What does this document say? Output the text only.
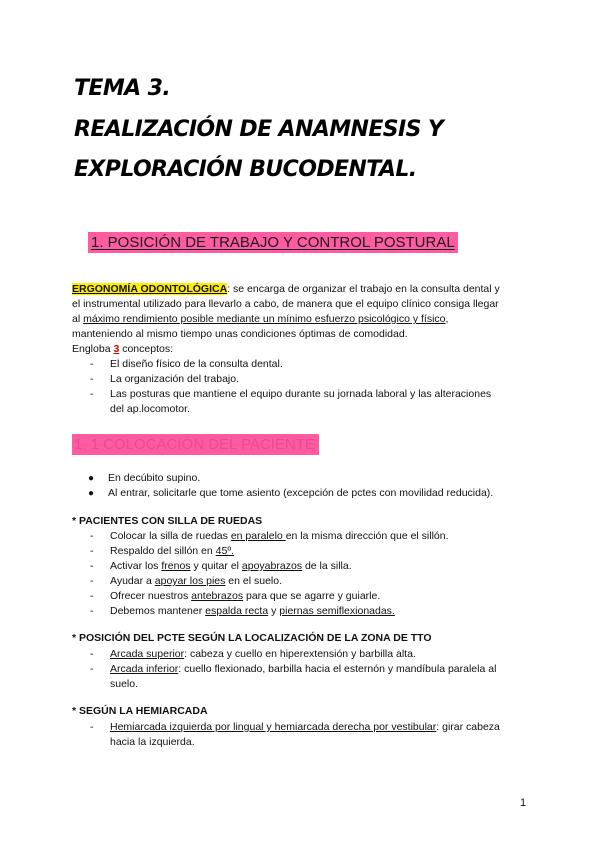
TEMA 3.
REALIZACIÓN DE ANAMNESIS Y
EXPLORACIÓN BUCODENTAL.
1. POSICIÓN DE TRABAJO Y CONTROL POSTURAL
ERGONOMÍA ODONTOLÓGICA: se encarga de organizar el trabajo en la consulta dental y
el instrumental utilizado para llevarlo a cabo, de manera que el equipo clínico consiga llegar
al máximo rendimiento posible mediante un mínimo esfuerzo psicológico y físico,
manteniendo al mismo tiempo unas condiciones óptimas de comodidad.
Engloba 3 conceptos:
- El diseño físico de la consulta dental.
- La organización del trabajo.
- Las posturas que mantiene el equipo durante su jornada laboral y las alteraciones
del ap.locomotor.
1. 1 COLOCACIÓN DEL PACIENTE
● En decúbito supino.
● Al entrar, solicitarle que tome asiento (excepción de pctes con movilidad reducida).
* PACIENTES CON SILLA DE RUEDAS
- Colocar la silla de ruedas en paralelo en la misma dirección que el sillón.
- Respaldo del sillón en 45º.
- Activar los frenos y quitar el apoyabrazos de la silla.
- Ayudar a apoyar los pies en el suelo.
- Ofrecer nuestros antebrazos para que se agarre y guiarle.
- Debemos mantener espalda recta y piernas semiflexionadas.
* POSICIÓN DEL PCTE SEGÚN LA LOCALIZACIÓN DE LA ZONA DE TTO
- Arcada superior: cabeza y cuello en hiperextensión y barbilla alta.
- Arcada inferior: cuello flexionado, barbilla hacia el esternón y mandíbula paralela al
suelo.
* SEGÚN LA HEMIARCADA
- Hemiarcada izquierda por lingual y hemiarcada derecha por vestibular: girar cabeza
hacia la izquierda.
1
